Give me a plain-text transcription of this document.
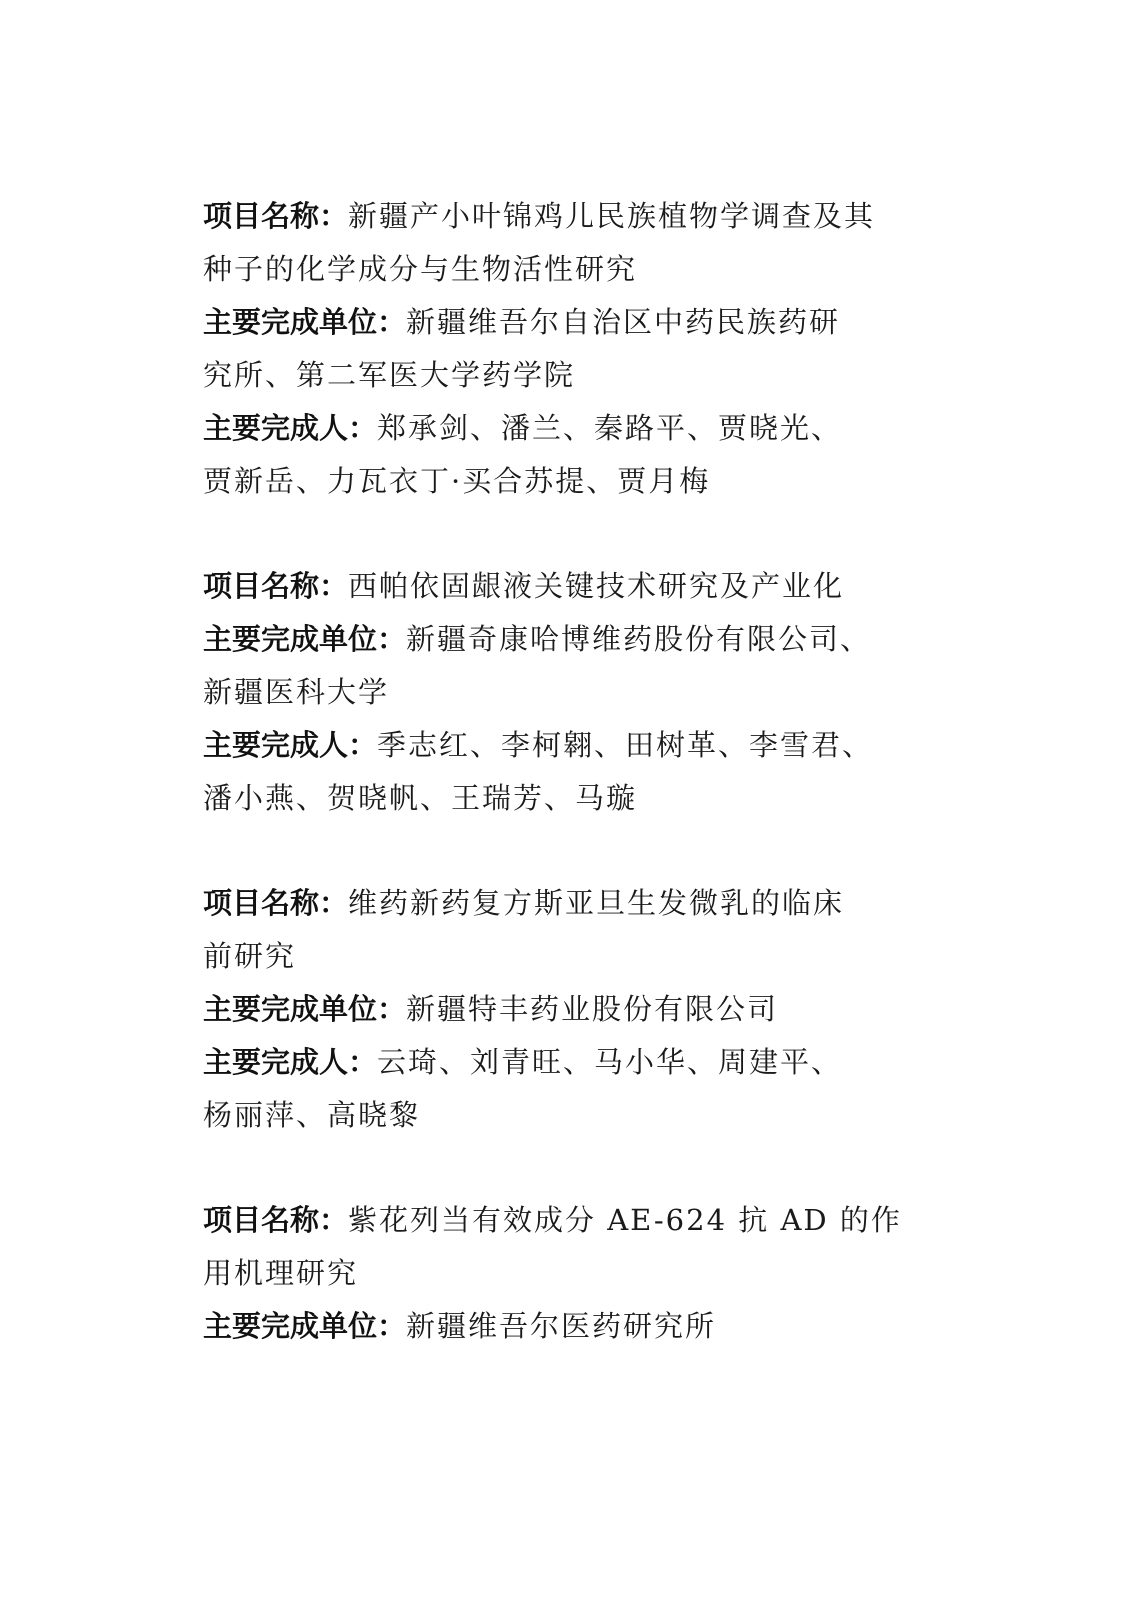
项目名称：新疆产小叶锦鸡儿民族植物学调查及其
种子的化学成分与生物活性研究
主要完成单位：新疆维吾尔自治区中药民族药研
究所、第二军医大学药学院
主要完成人：郑承剑、潘兰、秦路平、贾晓光、
贾新岳、力瓦衣丁·买合苏提、贾月梅
项目名称：西帕依固龈液关键技术研究及产业化
主要完成单位：新疆奇康哈博维药股份有限公司、
新疆医科大学
主要完成人：季志红、李柯翱、田树革、李雪君、
潘小燕、贺晓帆、王瑞芳、马璇
项目名称：维药新药复方斯亚旦生发微乳的临床
前研究
主要完成单位：新疆特丰药业股份有限公司
主要完成人：云琦、刘青旺、马小华、周建平、
杨丽萍、高晓黎
项目名称：紫花列当有效成分 AE-624 抗 AD 的作
用机理研究
主要完成单位：新疆维吾尔医药研究所
